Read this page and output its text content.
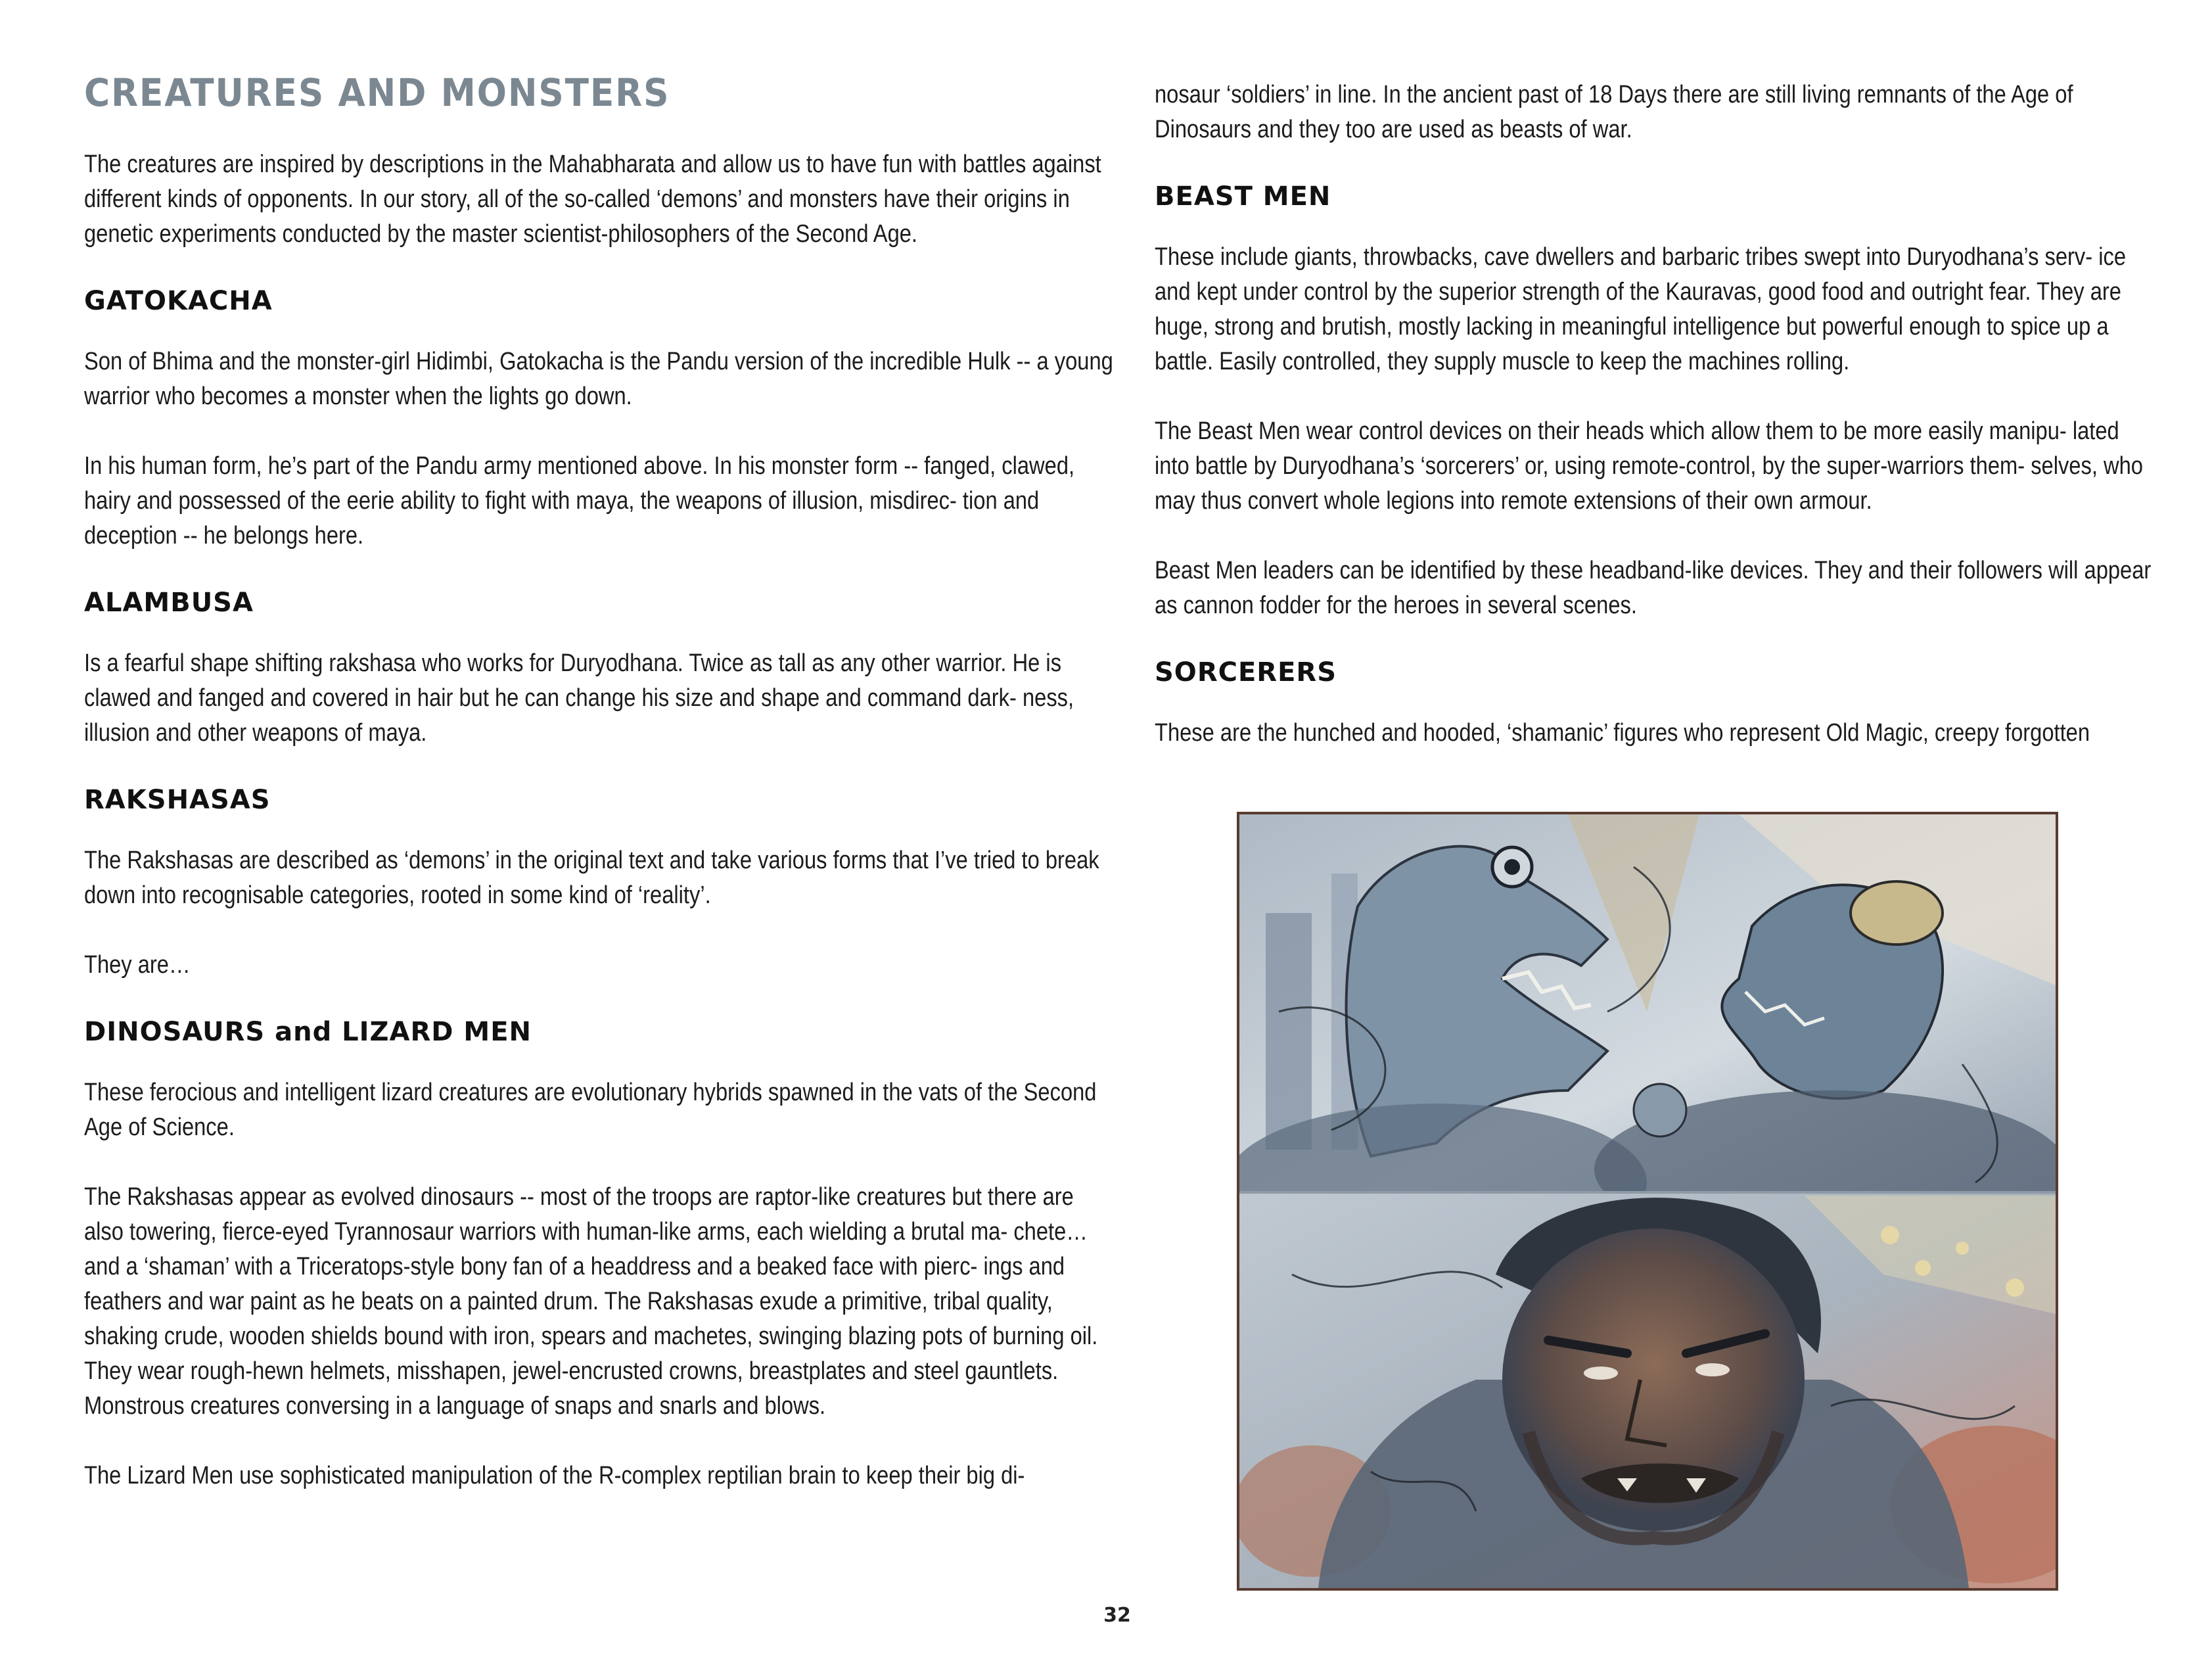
CREATURES AND MONSTERS

The creatures are inspired by descriptions in the Mahabharata and allow us to have fun with battles against different kinds of opponents. In our story, all of the so-called ‘demons’ and monsters have their origins in genetic experiments conducted by the master scientist-philosophers of the Second Age.

GATOKACHA

Son of Bhima and the monster-girl Hidimbi, Gatokacha is the Pandu version of the incredible Hulk -- a young warrior who becomes a monster when the lights go down.

In his human form, he’s part of the Pandu army mentioned above. In his monster form -- fanged, clawed, hairy and possessed of the eerie ability to fight with maya, the weapons of illusion, misdirec- tion and deception -- he belongs here.

ALAMBUSA

Is a fearful shape shifting rakshasa who works for Duryodhana. Twice as tall as any other warrior. He is clawed and fanged and covered in hair but he can change his size and shape and command dark- ness, illusion and other weapons of maya.

RAKSHASAS

The Rakshasas are described as ‘demons’ in the original text and take various forms that I’ve tried to break down into recognisable categories, rooted in some kind of ‘reality’.

They are…

DINOSAURS and LIZARD MEN

These ferocious and intelligent lizard creatures are evolutionary hybrids spawned in the vats of the Second Age of Science.

The Rakshasas appear as evolved dinosaurs -- most of the troops are raptor-like creatures but there are also towering, fierce-eyed Tyrannosaur warriors with human-like arms, each wielding a brutal ma- chete…and a ‘shaman’ with a Triceratops-style bony fan of a headdress and a beaked face with pierc- ings and feathers and war paint as he beats on a painted drum. The Rakshasas exude a primitive, tribal quality, shaking crude, wooden shields bound with iron, spears and machetes, swinging blazing pots of burning oil. They wear rough-hewn helmets, misshapen, jewel-encrusted crowns, breastplates and steel gauntlets. Monstrous creatures conversing in a language of snaps and snarls and blows.

The Lizard Men use sophisticated manipulation of the R-complex reptilian brain to keep their big di-

nosaur ‘soldiers’ in line. In the ancient past of 18 Days there are still living remnants of the Age of Dinosaurs and they too are used as beasts of war.

BEAST MEN

These include giants, throwbacks, cave dwellers and barbaric tribes swept into Duryodhana’s serv- ice and kept under control by the superior strength of the Kauravas, good food and outright fear. They are huge, strong and brutish, mostly lacking in meaningful intelligence but powerful enough to spice up a battle. Easily controlled, they supply muscle to keep the machines rolling.

The Beast Men wear control devices on their heads which allow them to be more easily manipu- lated into battle by Duryodhana’s ‘sorcerers’ or, using remote-control, by the super-warriors them- selves, who may thus convert whole legions into remote extensions of their own armour.

Beast Men leaders can be identified by these headband-like devices. They and their followers will appear as cannon fodder for the heroes in several scenes.

SORCERERS

These are the hunched and hooded, ‘shamanic’ figures who represent Old Magic, creepy forgotten

32
